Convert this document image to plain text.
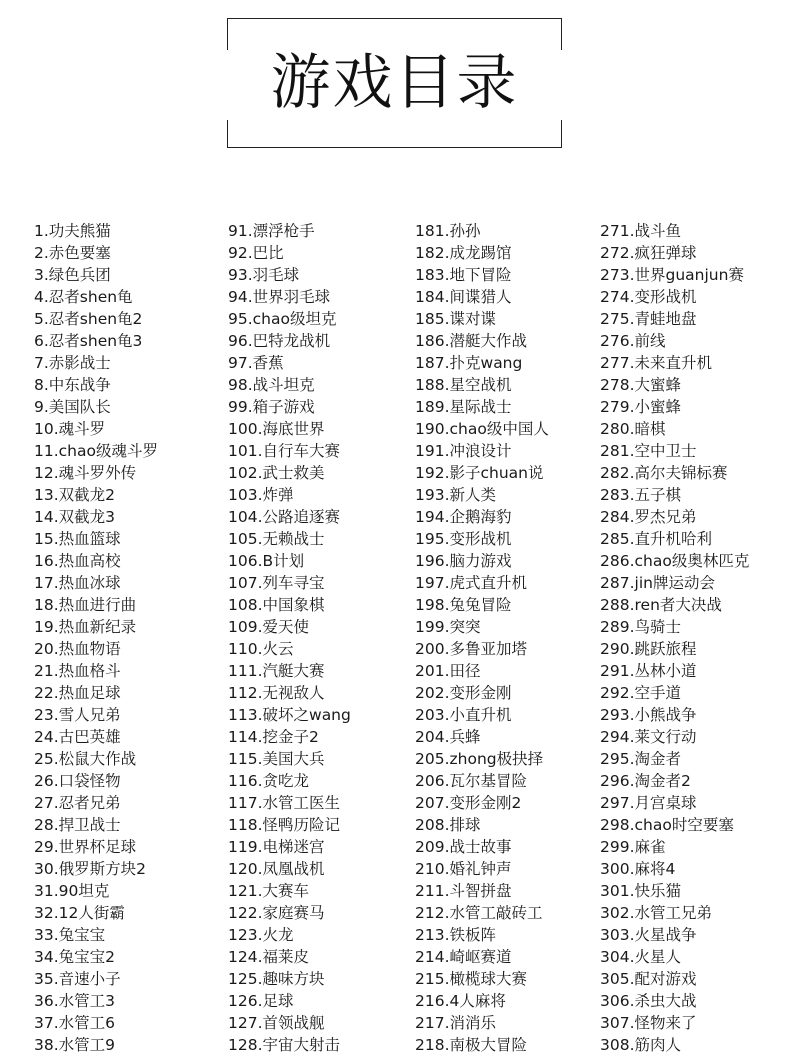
游戏目录
1.功夫熊猫
2.赤色要塞
3.绿色兵团
4.忍者shen龟
5.忍者shen龟2
6.忍者shen龟3
7.赤影战士
8.中东战争
9.美国队长
10.魂斗罗
11.chao级魂斗罗
12.魂斗罗外传
13.双截龙2
14.双截龙3
15.热血篮球
16.热血高校
17.热血冰球
18.热血进行曲
19.热血新纪录
20.热血物语
21.热血格斗
22.热血足球
23.雪人兄弟
24.古巴英雄
25.松鼠大作战
26.口袋怪物
27.忍者兄弟
28.捍卫战士
29.世界杯足球
30.俄罗斯方块2
31.90坦克
32.12人街霸
33.兔宝宝
34.兔宝宝2
35.音速小子
36.水管工3
37.水管工6
38.水管工9
91.漂浮枪手
92.巴比
93.羽毛球
94.世界羽毛球
95.chao级坦克
96.巴特龙战机
97.香蕉
98.战斗坦克
99.箱子游戏
100.海底世界
101.自行车大赛
102.武士救美
103.炸弹
104.公路追逐赛
105.无赖战士
106.B计划
107.列车寻宝
108.中国象棋
109.爱天使
110.火云
111.汽艇大赛
112.无视敌人
113.破坏之wang
114.挖金子2
115.美国大兵
116.贪吃龙
117.水管工医生
118.怪鸭历险记
119.电梯迷宫
120.凤凰战机
121.大赛车
122.家庭赛马
123.火龙
124.福莱皮
125.趣味方块
126.足球
127.首领战舰
128.宇宙大射击
181.孙孙
182.成龙踢馆
183.地下冒险
184.间谍猎人
185.谍对谍
186.潜艇大作战
187.扑克wang
188.星空战机
189.星际战士
190.chao级中国人
191.冲浪设计
192.影子chuan说
193.新人类
194.企鹅海豹
195.变形战机
196.脑力游戏
197.虎式直升机
198.兔兔冒险
199.突突
200.多鲁亚加塔
201.田径
202.变形金刚
203.小直升机
204.兵蜂
205.zhong极抉择
206.瓦尔基冒险
207.变形金刚2
208.排球
209.战士故事
210.婚礼钟声
211.斗智拼盘
212.水管工敲砖工
213.铁板阵
214.崎岖赛道
215.橄榄球大赛
216.4人麻将
217.消消乐
218.南极大冒险
271.战斗鱼
272.疯狂弹球
273.世界guanjun赛
274.变形战机
275.青蛙地盘
276.前线
277.未来直升机
278.大蜜蜂
279.小蜜蜂
280.暗棋
281.空中卫士
282.高尔夫锦标赛
283.五子棋
284.罗杰兄弟
285.直升机哈利
286.chao级奥林匹克
287.jin牌运动会
288.ren者大决战
289.鸟骑士
290.跳跃旅程
291.丛林小道
292.空手道
293.小熊战争
294.莱文行动
295.淘金者
296.淘金者2
297.月宫桌球
298.chao时空要塞
299.麻雀
300.麻将4
301.快乐猫
302.水管工兄弟
303.火星战争
304.火星人
305.配对游戏
306.杀虫大战
307.怪物来了
308.筋肉人
